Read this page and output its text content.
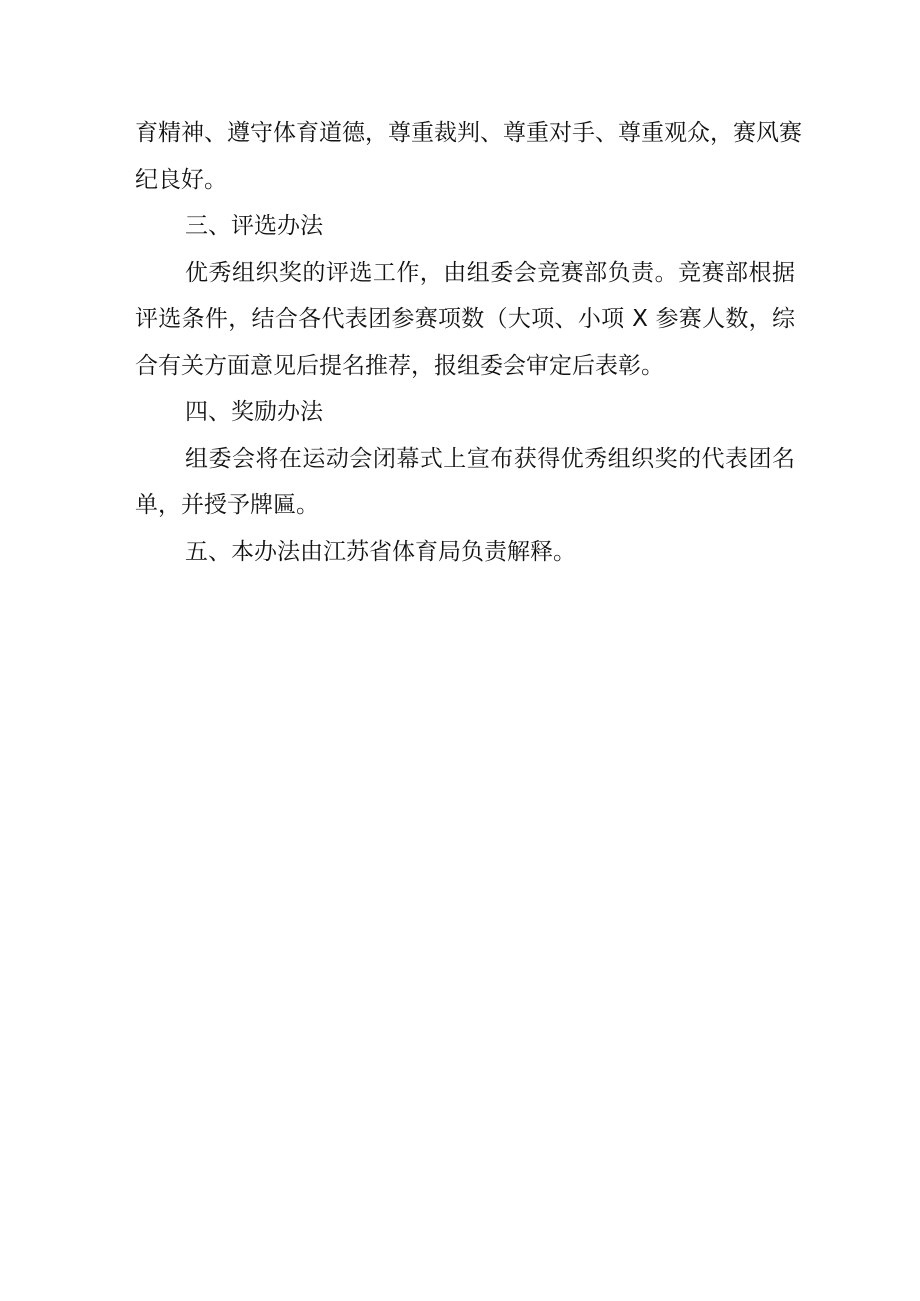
育精神、遵守体育道德，尊重裁判、尊重对手、尊重观众，赛风赛
纪良好。
三、评选办法
优秀组织奖的评选工作，由组委会竞赛部负责。竞赛部根据
评选条件，结合各代表团参赛项数（大项、小项 X 参赛人数，综
合有关方面意见后提名推荐，报组委会审定后表彰。
四、奖励办法
组委会将在运动会闭幕式上宣布获得优秀组织奖的代表团名
单，并授予牌匾。
五、本办法由江苏省体育局负责解释。
